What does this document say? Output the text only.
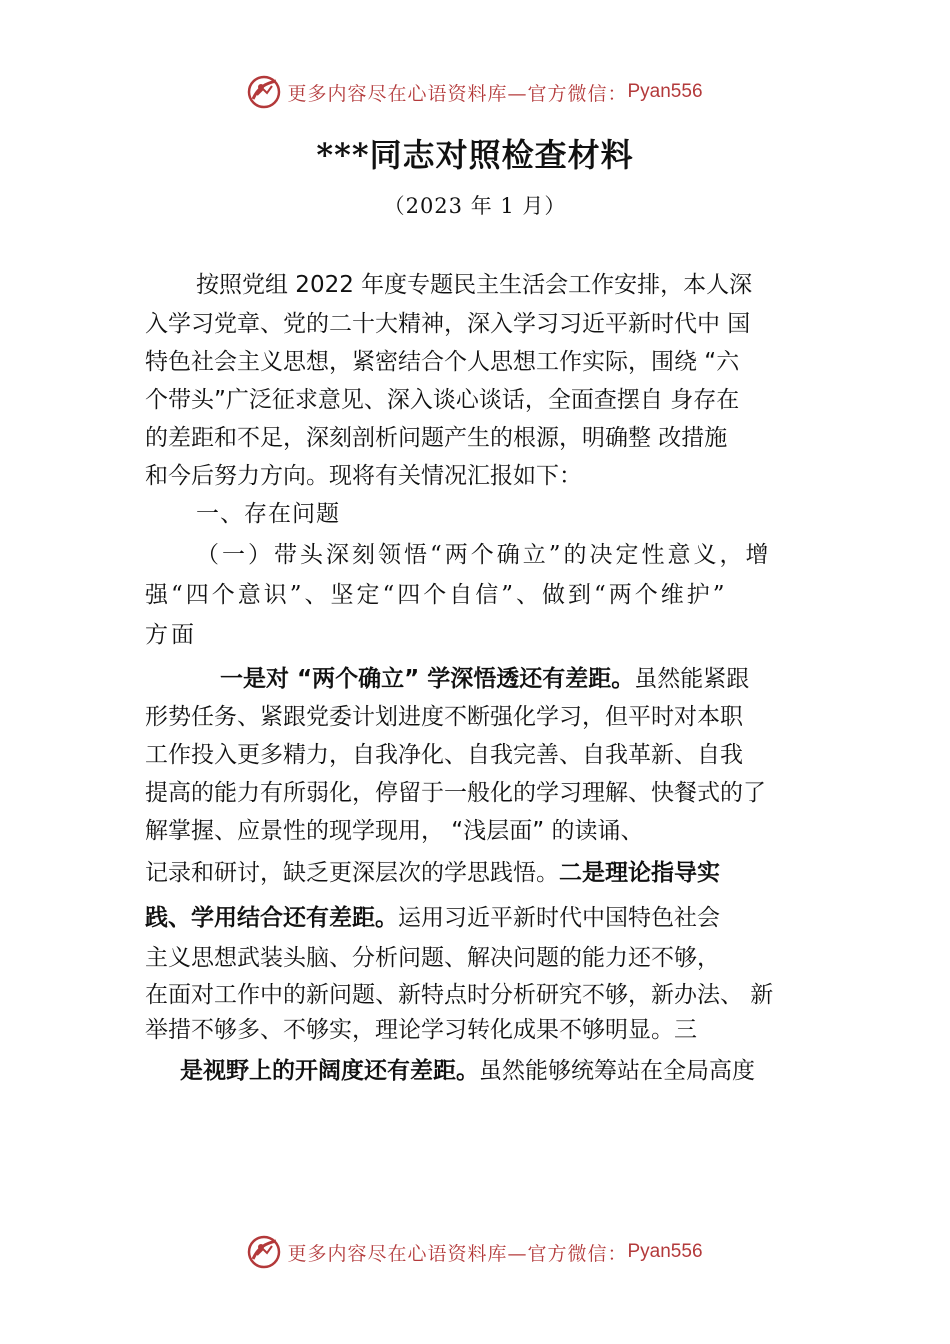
更多内容尽在心语资料库—官方微信： Pyan556
***同志对照检查材料
（2023 年 1 月）
按照党组 2022 年度专题民主生活会工作安排，本人深
入学习党章、党的二十大精神，深入学习习近平新时代中 国
特色社会主义思想，紧密结合个人思想工作实际，围绕 “六
个带头”广泛征求意见、深入谈心谈话，全面查摆自 身存在
的差距和不足，深刻剖析问题产生的根源，明确整 改措施
和今后努力方向。现将有关情况汇报如下：
一、存在问题
（一）带头深刻领悟“两个确立”的决定性意义，增
强“四个意识”、坚定“四个自信”、做到“两个维护”
方面
一是对 “两个确立” 学深悟透还有差距。虽然能紧跟
形势任务、紧跟党委计划进度不断强化学习，但平时对本职
工作投入更多精力，自我净化、自我完善、自我革新、自我
提高的能力有所弱化，停留于一般化的学习理解、快餐式的了
解掌握、应景性的现学现用， “浅层面” 的读诵、
记录和研讨，缺乏更深层次的学思践悟。二是理论指导实
践、学用结合还有差距。运用习近平新时代中国特色社会
主义思想武装头脑、分析问题、解决问题的能力还不够，
在面对工作中的新问题、新特点时分析研究不够，新办法、 新
举措不够多、不够实，理论学习转化成果不够明显。三
是视野上的开阔度还有差距。虽然能够统筹站在全局高度
更多内容尽在心语资料库—官方微信： Pyan556
